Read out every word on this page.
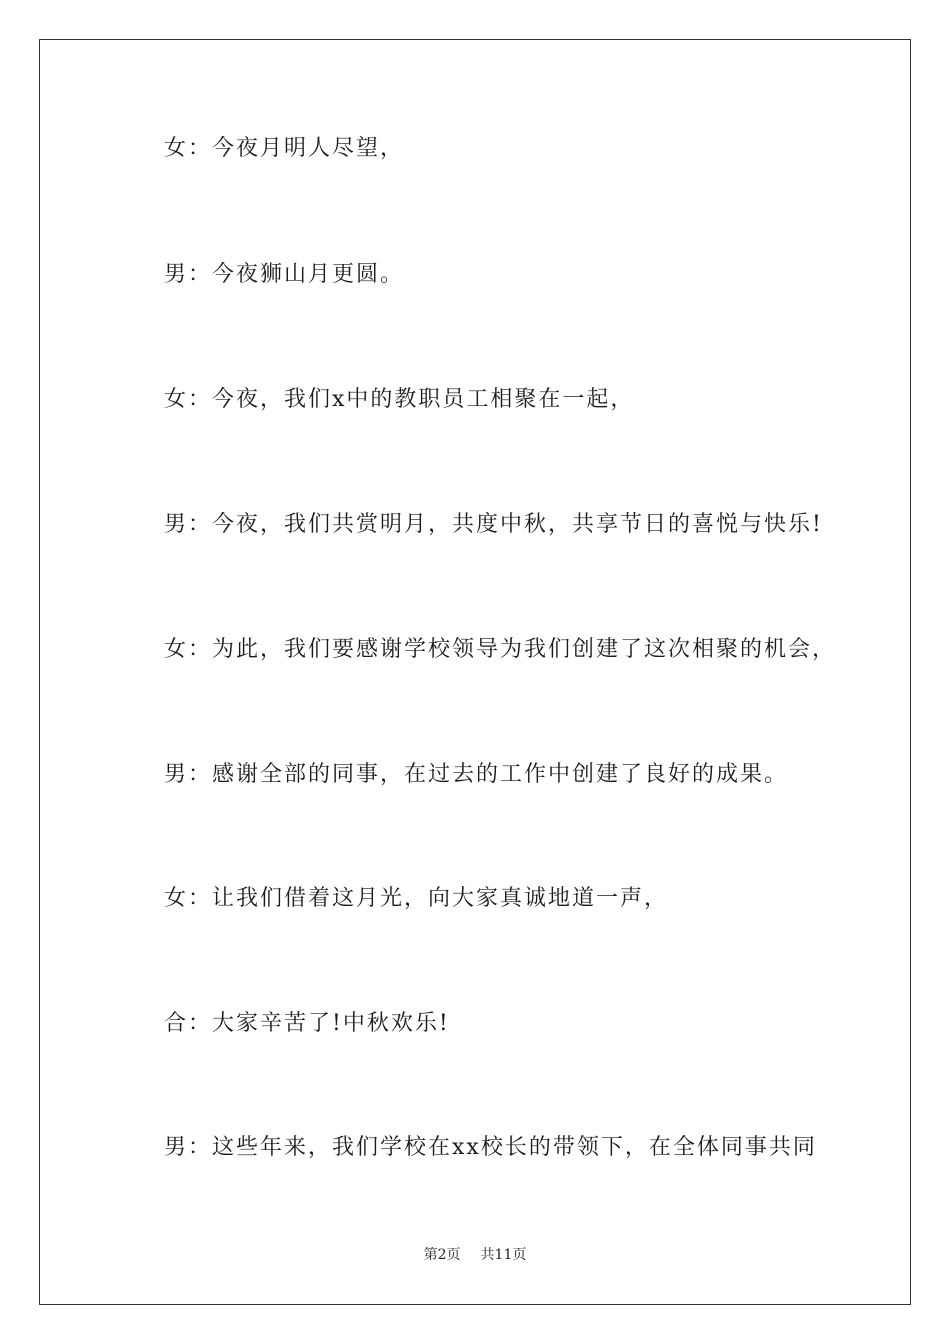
女：今夜月明人尽望，
男：今夜狮山月更圆。
女：今夜，我们x中的教职员工相聚在一起，
男：今夜，我们共赏明月，共度中秋，共享节日的喜悦与快乐!
女：为此，我们要感谢学校领导为我们创建了这次相聚的机会，
男：感谢全部的同事，在过去的工作中创建了良好的成果。
女：让我们借着这月光，向大家真诚地道一声，
合：大家辛苦了!中秋欢乐!
男：这些年来，我们学校在xx校长的带领下，在全体同事共同
第2页 共11页
